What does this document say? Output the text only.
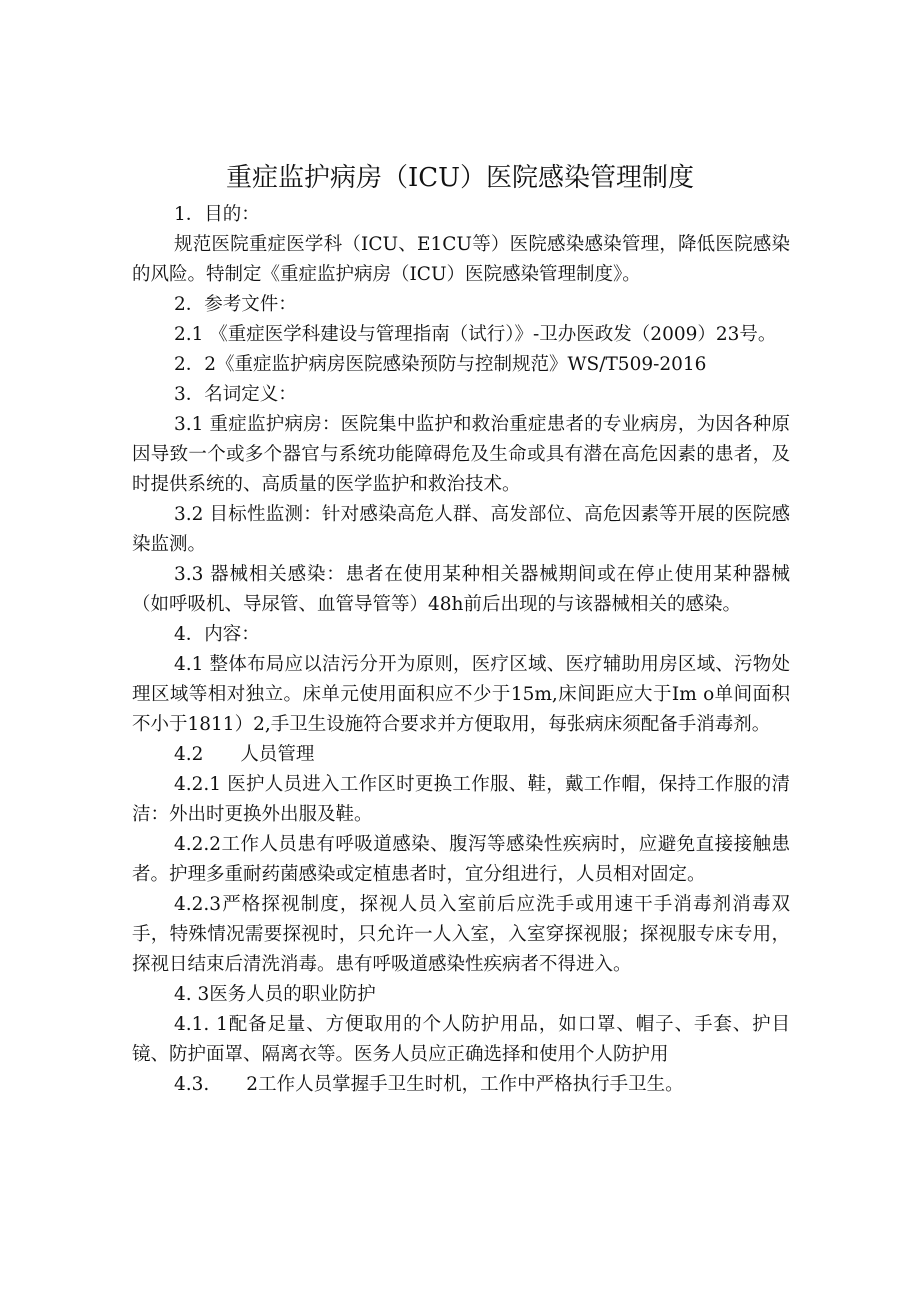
重症监护病房（ICU）医院感染管理制度

1．目的：

规范医院重症医学科（ICU、E1CU等）医院感染感染管理，降低医院感染的风险。特制定《重症监护病房（ICU）医院感染管理制度》。

2．参考文件：

2.1 《重症医学科建设与管理指南（试行）》-卫办医政发（2009）23号。

2．2《重症监护病房医院感染预防与控制规范》WS/T509-2016

3．名词定义：

3.1 重症监护病房：医院集中监护和救治重症患者的专业病房，为因各种原因导致一个或多个器官与系统功能障碍危及生命或具有潜在高危因素的患者，及时提供系统的、高质量的医学监护和救治技术。

3.2 目标性监测：针对感染高危人群、高发部位、高危因素等开展的医院感染监测。

3.3 器械相关感染：患者在使用某种相关器械期间或在停止使用某种器械（如呼吸机、导尿管、血管导管等）48h前后出现的与该器械相关的感染。

4．内容：

4.1 整体布局应以洁污分开为原则，医疗区域、医疗辅助用房区域、污物处理区域等相对独立。床单元使用面积应不少于15m,床间距应大于Im o单间面积不小于1811）2,手卫生设施符合要求并方便取用，每张病床须配备手消毒剂。

4.2　　人员管理

4.2.1 医护人员进入工作区时更换工作服、鞋，戴工作帽，保持工作服的清洁：外出时更换外出服及鞋。

4.2.2工作人员患有呼吸道感染、腹泻等感染性疾病时，应避免直接接触患者。护理多重耐药菌感染或定植患者时，宜分组进行，人员相对固定。

4.2.3严格探视制度，探视人员入室前后应洗手或用速干手消毒剂消毒双手，特殊情况需要探视时，只允许一人入室，入室穿探视服；探视服专床专用，探视日结束后清洗消毒。患有呼吸道感染性疾病者不得进入。

4. 3医务人员的职业防护

4.1. 1配备足量、方便取用的个人防护用品，如口罩、帽子、手套、护目镜、防护面罩、隔离衣等。医务人员应正确选择和使用个人防护用

4.3.　　2工作人员掌握手卫生时机，工作中严格执行手卫生。
